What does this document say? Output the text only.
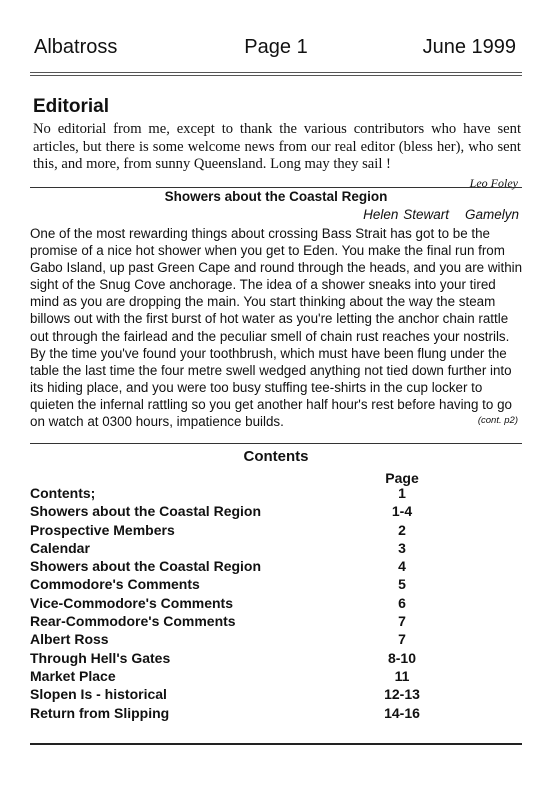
Albatross	Page 1	June 1999
Editorial
No editorial from me, except to thank the various contributors who have sent articles, but there is some welcome news from our real editor (bless her), who sent this, and more, from sunny Queensland. Long may they sail !
Leo Foley
Showers about the Coastal Region
Helen Stewart Gamelyn
One of the most rewarding things about crossing Bass Strait has got to be the promise of a nice hot shower when you get to Eden. You make the final run from Gabo Island, up past Green Cape and round through the heads, and you are within sight of the Snug Cove anchorage. The idea of a shower sneaks into your tired mind as you are dropping the main. You start thinking about the way the steam billows out with the first burst of hot water as you're letting the anchor chain rattle out through the fairlead and the peculiar smell of chain rust reaches your nostrils. By the time you've found your toothbrush, which must have been flung under the table the last time the four metre swell wedged anything not tied down further into its hiding place, and you were too busy stuffing tee-shirts in the cup locker to quieten the infernal rattling so you get another half hour's rest before having to go on watch at 0300 hours, impatience builds.	(cont. p2)
Contents
Page
Contents;	1
Showers about the Coastal Region	1-4
Prospective Members	2
Calendar	3
Showers about the Coastal Region	4
Commodore's Comments	5
Vice-Commodore's Comments	6
Rear-Commodore's Comments	7
Albert Ross	7
Through Hell's Gates	8-10
Market Place	11
Slopen Is - historical	12-13
Return from Slipping	14-16
